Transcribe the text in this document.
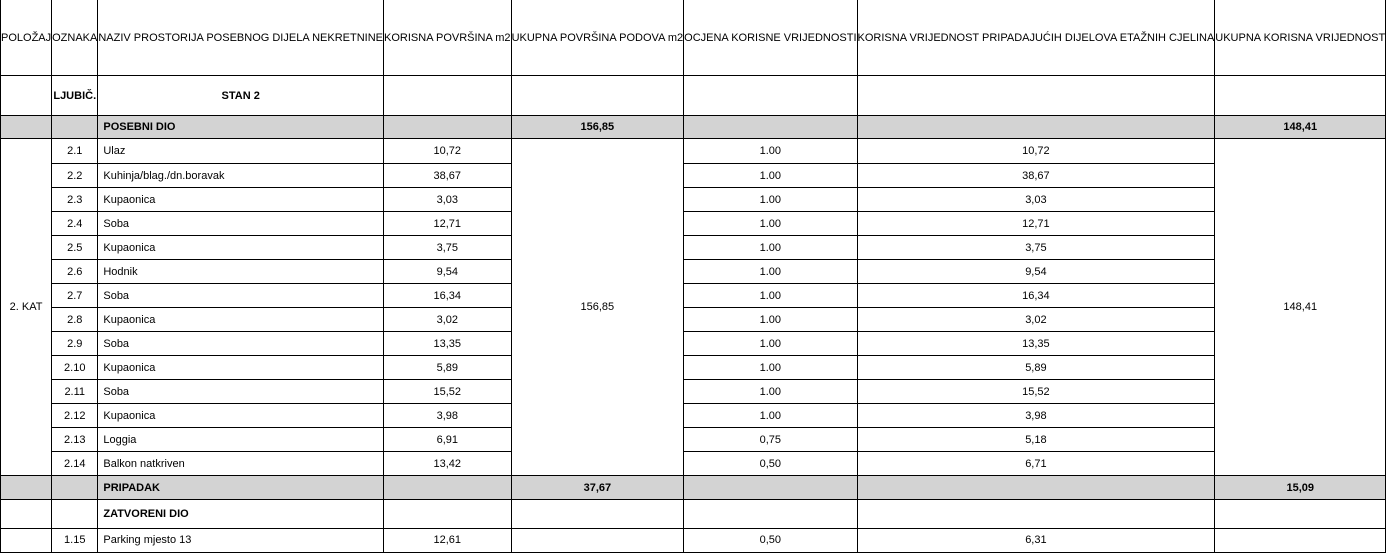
POLOŽAJ	OZNAKA	NAZIV PROSTORIJA POSEBNOG DIJELA NEKRETNINE	KORISNA POVRŠINA m2	UKUPNA POVRŠINA PODOVA m2	OCJENA KORISNE VRIJEDNOSTI	KORISNA VRIJEDNOST PRIPADAJUĆIH DIJELOVA ETAŽNIH CJELINA	UKUPNA KORISNA VRIJEDNOST
	LJUBIČ.	STAN 2					
		POSEBNI DIO		156,85			148,41
2. KAT	2.1	Ulaz	10,72	156,85	1.00	10,72	148,41
	2.2	Kuhinja/blag./dn.boravak	38,67		1.00	38,67	
	2.3	Kupaonica	3,03		1.00	3,03	
	2.4	Soba	12,71		1.00	12,71	
	2.5	Kupaonica	3,75		1.00	3,75	
	2.6	Hodnik	9,54		1.00	9,54	
	2.7	Soba	16,34		1.00	16,34	
	2.8	Kupaonica	3,02		1.00	3,02	
	2.9	Soba	13,35		1.00	13,35	
	2.10	Kupaonica	5,89		1.00	5,89	
	2.11	Soba	15,52		1.00	15,52	
	2.12	Kupaonica	3,98		1.00	3,98	
	2.13	Loggia	6,91		0,75	5,18	
	2.14	Balkon natkriven	13,42		0,50	6,71	
		PRIPADAK		37,67			15,09
		ZATVORENI DIO					
	1.15	Parking mjesto 13	12,61		0,50	6,31	
